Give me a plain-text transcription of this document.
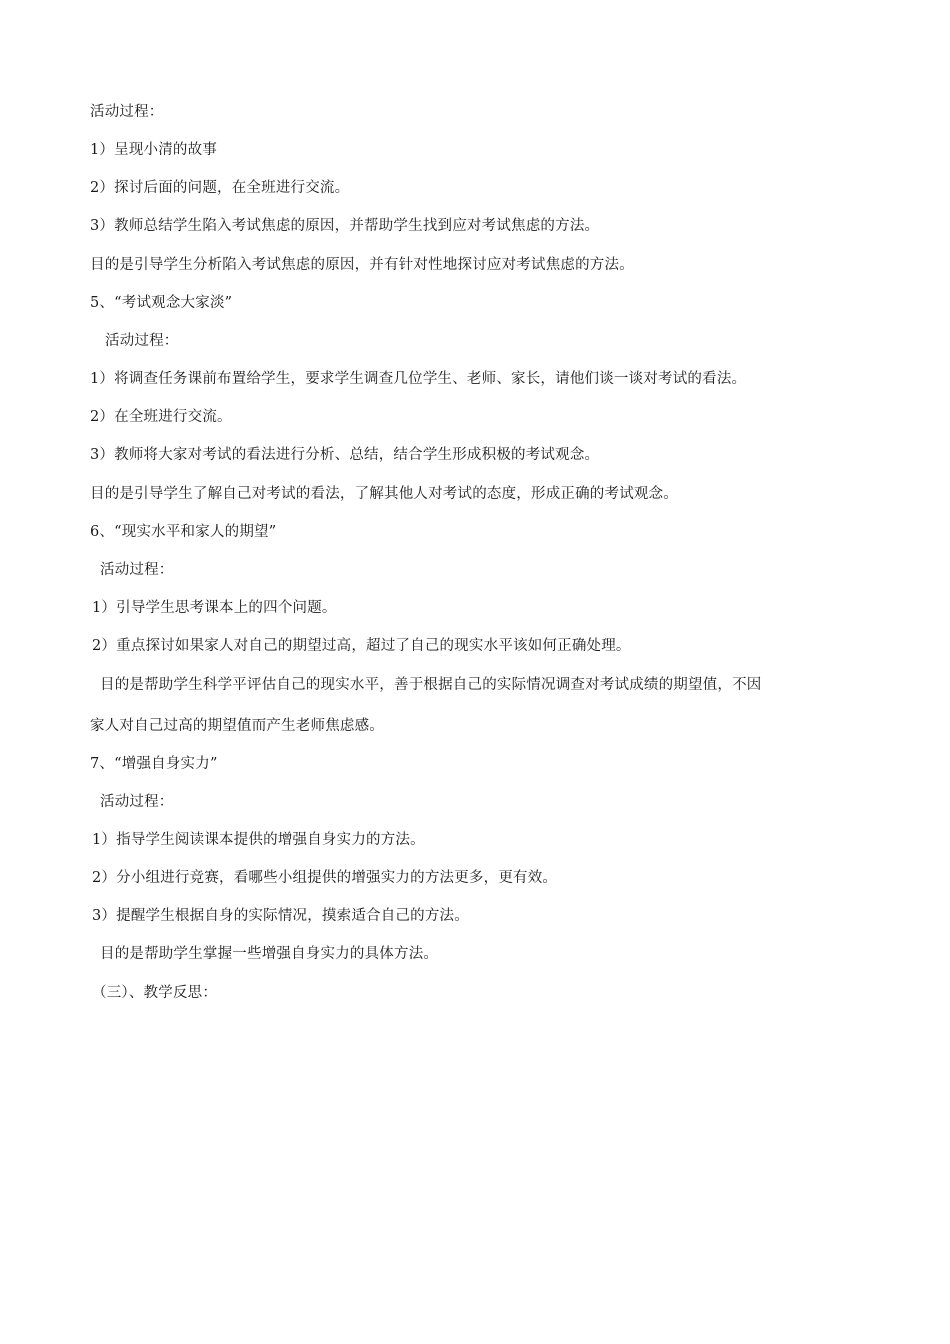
活动过程：
1）呈现小清的故事
2）探讨后面的问题，在全班进行交流。
3）教师总结学生陷入考试焦虑的原因，并帮助学生找到应对考试焦虑的方法。
目的是引导学生分析陷入考试焦虑的原因，并有针对性地探讨应对考试焦虑的方法。
5、“考试观念大家淡”
活动过程：
1）将调查任务课前布置给学生，要求学生调查几位学生、老师、家长，请他们谈一谈对考试的看法。
2）在全班进行交流。
3）教师将大家对考试的看法进行分析、总结，结合学生形成积极的考试观念。
目的是引导学生了解自己对考试的看法，了解其他人对考试的态度，形成正确的考试观念。
6、“现实水平和家人的期望”
活动过程：
1）引导学生思考课本上的四个问题。
2）重点探讨如果家人对自己的期望过高，超过了自己的现实水平该如何正确处理。
目的是帮助学生科学平评估自己的现实水平，善于根据自己的实际情况调查对考试成绩的期望值，不因
家人对自己过高的期望值而产生老师焦虑感。
7、“增强自身实力”
活动过程：
1）指导学生阅读课本提供的增强自身实力的方法。
2）分小组进行竞赛，看哪些小组提供的增强实力的方法更多，更有效。
3）提醒学生根据自身的实际情况，摸索适合自己的方法。
目的是帮助学生掌握一些增强自身实力的具体方法。
（三）、教学反思：
